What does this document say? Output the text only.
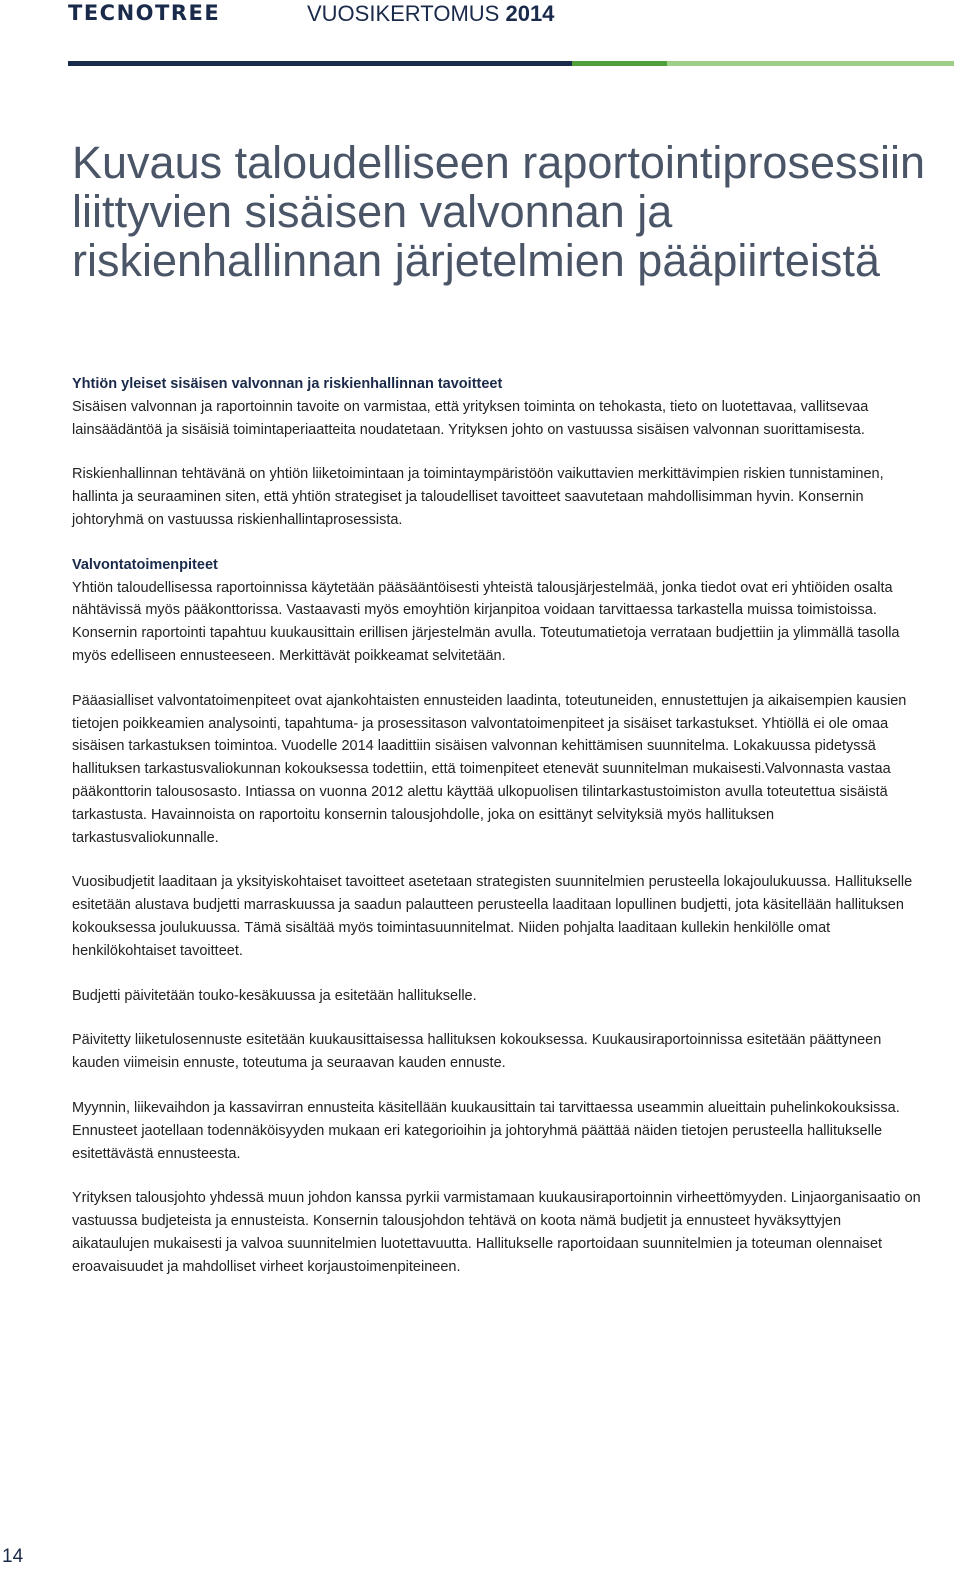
TECNOTREE	VUOSIKERTOMUS 2014
Kuvaus taloudelliseen raportointiprosessiin liittyvien sisäisen valvonnan ja riskienhallinnan järjetelmien pääpiirteistä
Yhtiön yleiset sisäisen valvonnan ja riskienhallinnan tavoitteet

Sisäisen valvonnan ja raportoinnin tavoite on varmistaa, että yrityksen toiminta on tehokasta, tieto on luotettavaa, vallitsevaa lainsäädäntöä ja sisäisiä toimintaperiaatteita noudatetaan. Yrityksen johto on vastuussa sisäisen valvonnan suorittamisesta.

Riskienhallinnan tehtävänä on yhtiön liiketoimintaan ja toimintaympäristöön vaikuttavien merkittävimpien riskien tunnistaminen, hallinta ja seuraaminen siten, että yhtiön strategiset ja taloudelliset tavoitteet saavutetaan mahdollisimman hyvin. Konsernin johtoryhmä on vastuussa riskienhallintaprosessista.

Valvontatoimenpiteet

Yhtiön taloudellisessa raportoinnissa käytetään pääsääntöisesti yhteistä talousjärjestelmää, jonka tiedot ovat eri yhtiöiden osalta nähtävissä myös pääkonttorissa. Vastaavasti myös emoyhtiön kirjanpitoa voidaan tarvittaessa tarkastella muissa toimistoissa. Konsernin raportointi tapahtuu kuukausittain erillisen järjestelmän avulla. Toteutumatietoja verrataan budjettiin ja ylimmällä tasolla myös edelliseen ennusteeseen. Merkittävät poikkeamat selvitetään.

Pääasialliset valvontatoimenpiteet ovat ajankohtaisten ennusteiden laadinta, toteutuneiden, ennustettujen ja aikaisempien kausien tietojen poikkeamien analysointi, tapahtuma- ja prosessitason valvontatoimenpiteet ja sisäiset tarkastukset. Yhtiöllä ei ole omaa sisäisen tarkastuksen toimintoa. Vuodelle 2014 laadittiin sisäisen valvonnan kehittämisen suunnitelma. Lokakuussa pidetyssä hallituksen tarkastusvaliokunnan kokouksessa todettiin, että toimenpiteet etenevät suunnitelman mukaisesti.Valvonnasta vastaa pääkonttorin talousosasto. Intiassa on vuonna 2012 alettu käyttää ulkopuolisen tilintarkastustoimiston avulla toteutettua sisäistä tarkastusta. Havainnoista on raportoitu konsernin talousjohdolle, joka on esittänyt selvityksiä myös hallituksen tarkastusvaliokunnalle.

Vuosibudjetit laaditaan ja yksityiskohtaiset tavoitteet asetetaan strategisten suunnitelmien perusteella lokajoulukuussa. Hallitukselle esitetään alustava budjetti marraskuussa ja saadun palautteen perusteella laaditaan lopullinen budjetti, jota käsitellään hallituksen kokouksessa joulukuussa. Tämä sisältää myös toimintasuunnitelmat. Niiden pohjalta laaditaan kullekin henkilölle omat henkilökohtaiset tavoitteet.

Budjetti päivitetään touko-kesäkuussa ja esitetään hallitukselle.

Päivitetty liiketulosennuste esitetään kuukausittaisessa hallituksen kokouksessa. Kuukausiraportoinnissa esitetään päättyneen kauden viimeisin ennuste, toteutuma ja seuraavan kauden ennuste.

Myynnin, liikevaihdon ja kassavirran ennusteita käsitellään kuukausittain tai tarvittaessa useammin alueittain puhelinkokouksissa. Ennusteet jaotellaan todennäköisyyden mukaan eri kategorioihin ja johtoryhmä päättää näiden tietojen perusteella hallitukselle esitettävästä ennusteesta.

Yrityksen talousjohto yhdessä muun johdon kanssa pyrkii varmistamaan kuukausiraportoinnin virheettömyyden. Linjaorganisaatio on vastuussa budjeteista ja ennusteista. Konsernin talousjohdon tehtävä on koota nämä budjetit ja ennusteet hyväksyttyjen aikataulujen mukaisesti ja valvoa suunnitelmien luotettavuutta. Hallitukselle raportoidaan suunnitelmien ja toteuman olennaiset eroavaisuudet ja mahdolliset virheet korjaustoimenpiteineen.

14
